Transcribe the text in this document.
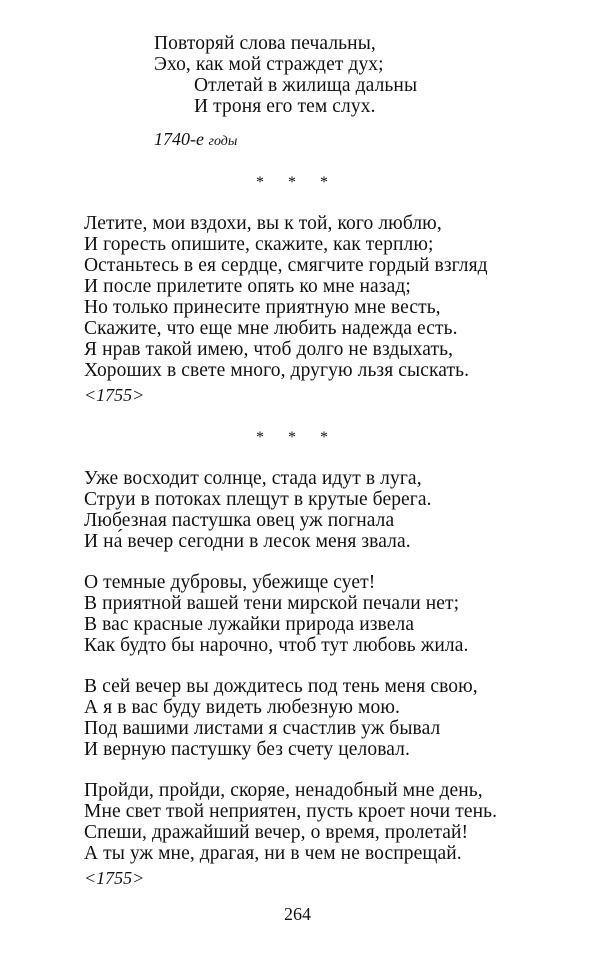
Повторяй слова печальны,
Эхо, как мой страждет дух;
Отлетай в жилища дальны
И троня его тем слух.
1740-е годы
* * *
Летите, мои вздохи, вы к той, кого люблю,
И горесть опишите, скажите, как терплю;
Останьтесь в ея сердце, смягчите гордый взгляд
И после прилетите опять ко мне назад;
Но только принесите приятную мне весть,
Скажите, что еще мне любить надежда есть.
Я нрав такой имею, чтоб долго не вздыхать,
Хороших в свете много, другую льзя сыскать.
<1755>
* * *
Уже восходит солнце, стада идут в луга,
Струи в потоках плещут в крутые берега.
Любезная пастушка овец уж погнала
И на́ вечер сегодни в лесок меня звала.
О темные дубровы, убежище сует!
В приятной вашей тени мирской печали нет;
В вас красные лужайки природа извела
Как будто бы нарочно, чтоб тут любовь жила.
В сей вечер вы дождитесь под тень меня свою,
А я в вас буду видеть любезную мою.
Под вашими листами я счастлив уж бывал
И верную пастушку без счету целовал.
Пройди, пройди, скоряе, ненадобный мне день,
Мне свет твой неприятен, пусть кроет ночи тень.
Спеши, дражайший вечер, о время, пролетай!
А ты уж мне, драгая, ни в чем не воспрещай.
<1755>
264
